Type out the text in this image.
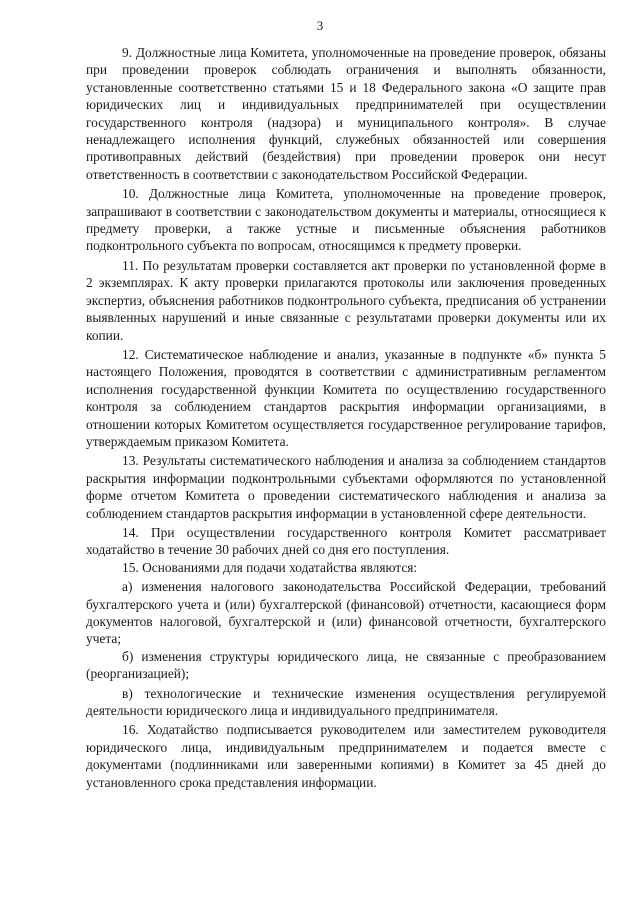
3

9. Должностные лица Комитета, уполномоченные на проведение проверок, обязаны при проведении проверок соблюдать ограничения и выполнять обязанности, установленные соответственно статьями 15 и 18 Федерального закона «О защите прав юридических лиц и индивидуальных предпринимателей при осуществлении государственного контроля (надзора) и муниципального контроля». В случае ненадлежащего исполнения функций, служебных обязанностей или совершения противоправных действий (бездействия) при проведении проверок они несут ответственность в соответствии с законодательством Российской Федерации.

10. Должностные лица Комитета, уполномоченные на проведение проверок, запрашивают в соответствии с законодательством документы и материалы, относящиеся к предмету проверки, а также устные и письменные объяснения работников подконтрольного субъекта по вопросам, относящимся к предмету проверки.

11. По результатам проверки составляется акт проверки по установленной форме в 2 экземплярах. К акту проверки прилагаются протоколы или заключения проведенных экспертиз, объяснения работников подконтрольного субъекта, предписания об устранении выявленных нарушений и иные связанные с результатами проверки документы или их копии.

12. Систематическое наблюдение и анализ, указанные в подпункте «б» пункта 5 настоящего Положения, проводятся в соответствии с административным регламентом исполнения государственной функции Комитета по осуществлению государственного контроля за соблюдением стандартов раскрытия информации организациями, в отношении которых Комитетом осуществляется государственное регулирование тарифов, утверждаемым приказом Комитета.

13. Результаты систематического наблюдения и анализа за соблюдением стандартов раскрытия информации подконтрольными субъектами оформляются по установленной форме отчетом Комитета о проведении систематического наблюдения и анализа за соблюдением стандартов раскрытия информации в установленной сфере деятельности.

14. При осуществлении государственного контроля Комитет рассматривает ходатайство в течение 30 рабочих дней со дня его поступления.

15. Основаниями для подачи ходатайства являются:

а) изменения налогового законодательства Российской Федерации, требований бухгалтерского учета и (или) бухгалтерской (финансовой) отчетности, касающиеся форм документов налоговой, бухгалтерской и (или) финансовой отчетности, бухгалтерского учета;

б) изменения структуры юридического лица, не связанные с преобразованием (реорганизацией);

в) технологические и технические изменения осуществления регулируемой деятельности юридического лица и индивидуального предпринимателя.

16. Ходатайство подписывается руководителем или заместителем руководителя юридического лица, индивидуальным предпринимателем и подается вместе с документами (подлинниками или заверенными копиями) в Комитет за 45 дней до установленного срока представления информации.
